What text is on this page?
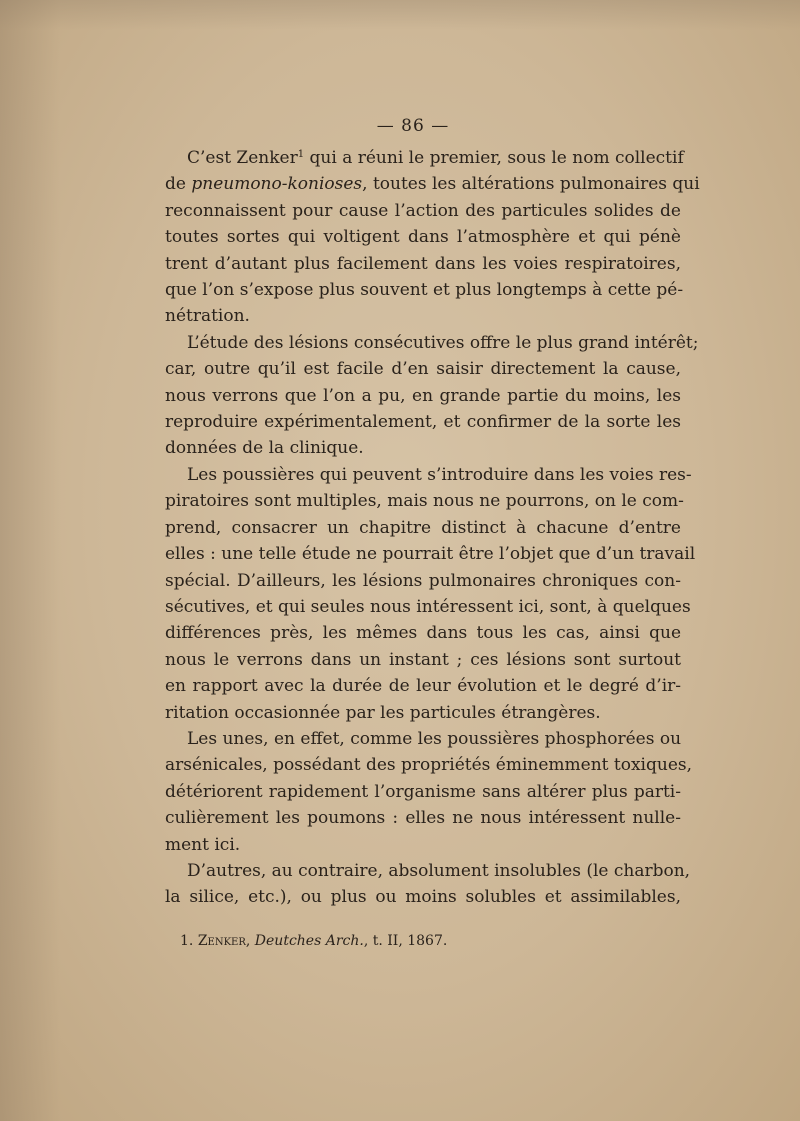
— 86 —

C’est Zenker$^1$ qui a réuni le premier, sous le nom collectif
de pneumono-konioses, toutes les altérations pulmonaires qui
reconnaissent pour cause l’action des particules solides de
toutes sortes qui voltigent dans l’atmosphère et qui pénè
trent d’autant plus facilement dans les voies respiratoires,
que l’on s’expose plus souvent et plus longtemps à cette pé-
nétration.

L’étude des lésions consécutives offre le plus grand intérêt;
car, outre qu’il est facile d’en saisir directement la cause,
nous verrons que l’on a pu, en grande partie du moins, les
reproduire expérimentalement, et confirmer de la sorte les
données de la clinique.

Les poussières qui peuvent s’introduire dans les voies res-
piratoires sont multiples, mais nous ne pourrons, on le com-
prend, consacrer un chapitre distinct à chacune d’entre
elles : une telle étude ne pourrait être l’objet que d’un travail
spécial. D’ailleurs, les lésions pulmonaires chroniques con-
sécutives, et qui seules nous intéressent ici, sont, à quelques
différences près, les mêmes dans tous les cas, ainsi que
nous le verrons dans un instant ; ces lésions sont surtout
en rapport avec la durée de leur évolution et le degré d’ir-
ritation occasionnée par les particules étrangères.

Les unes, en effet, comme les poussières phosphorées ou
arsénicales, possédant des propriétés éminemment toxiques,
détériorent rapidement l’organisme sans altérer plus parti-
culièrement les poumons : elles ne nous intéressent nulle-
ment ici.

D’autres, au contraire, absolument insolubles (le charbon,
la silice, etc.), ou plus ou moins solubles et assimilables,

1. Zenker, Deutches Arch., t. II, 1867.
